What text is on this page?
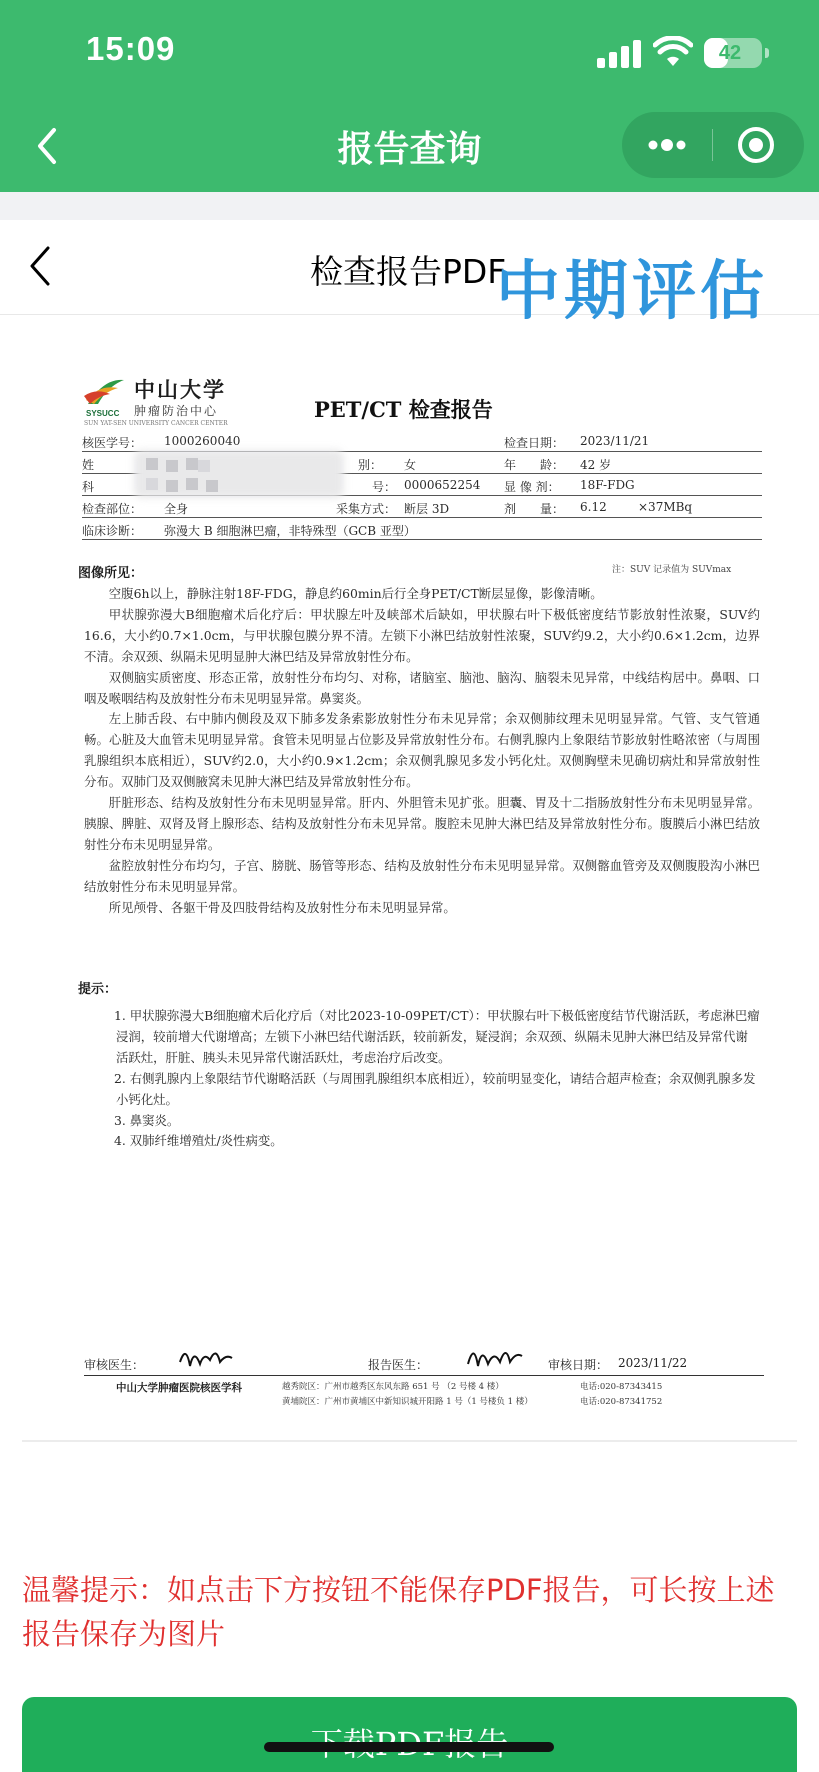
15:09	42
报告查询
检查报告PDF
中期评估
SYSUCC
中山大学
肿瘤防治中心
SUN YAT-SEN UNIVERSITY CANCER CENTER
PET/CT 检查报告
核医学号： 1000260040	检查日期： 2023/11/21
姓	别： 女	年　　龄： 42 岁
科	号： 0000652254 显 像 剂： 18F-FDG
检查部位： 全身	采集方式： 断层 3D	剂　　量： 6.12	×37MBq
临床诊断： 弥漫大 B 细胞淋巴瘤，非特殊型（GCB 亚型）
图像所见：	注：SUV 记录值为 SUVmax

空腹6h以上，静脉注射18F-FDG，静息约60min后行全身PET/CT断层显像，影像清晰。

甲状腺弥漫大B细胞瘤术后化疗后：甲状腺左叶及峡部术后缺如，甲状腺右叶下极低密度结节影放射性浓聚，SUV约16.6，大小约0.7×1.0cm，与甲状腺包膜分界不清。左锁下小淋巴结放射性浓聚，SUV约9.2，大小约0.6×1.2cm，边界不清。余双颈、纵隔未见明显肿大淋巴结及异常放射性分布。

双侧脑实质密度、形态正常，放射性分布均匀、对称，诸脑室、脑池、脑沟、脑裂未见异常，中线结构居中。鼻咽、口咽及喉咽结构及放射性分布未见明显异常。鼻窦炎。

左上肺舌段、右中肺内侧段及双下肺多发条索影放射性分布未见异常；余双侧肺纹理未见明显异常。气管、支气管通畅。心脏及大血管未见明显异常。食管未见明显占位影及异常放射性分布。右侧乳腺内上象限结节影放射性略浓密（与周围乳腺组织本底相近），SUV约2.0，大小约0.9×1.2cm；余双侧乳腺见多发小钙化灶。双侧胸壁未见确切病灶和异常放射性分布。双肺门及双侧腋窝未见肿大淋巴结及异常放射性分布。

肝脏形态、结构及放射性分布未见明显异常。肝内、外胆管未见扩张。胆囊、胃及十二指肠放射性分布未见明显异常。胰腺、脾脏、双肾及肾上腺形态、结构及放射性分布未见异常。腹腔未见肿大淋巴结及异常放射性分布。腹膜后小淋巴结放射性分布未见明显异常。

盆腔放射性分布均匀，子宫、膀胱、肠管等形态、结构及放射性分布未见明显异常。双侧髂血管旁及双侧腹股沟小淋巴结放射性分布未见明显异常。

所见颅骨、各躯干骨及四肢骨结构及放射性分布未见明显异常。

提示：

1. 甲状腺弥漫大B细胞瘤术后化疗后（对比2023-10-09PET/CT）：甲状腺右叶下极低密度结节代谢活跃，考虑淋巴瘤浸润，较前增大代谢增高；左锁下小淋巴结代谢活跃，较前新发，疑浸润；余双颈、纵隔未见肿大淋巴结及异常代谢活跃灶，肝脏、胰头未见异常代谢活跃灶，考虑治疗后改变。

2. 右侧乳腺内上象限结节代谢略活跃（与周围乳腺组织本底相近），较前明显变化，请结合超声检查；余双侧乳腺多发小钙化灶。

3. 鼻窦炎。

4. 双肺纤维增殖灶/炎性病变。

审核医生：	报告医生：	审核日期： 2023/11/22
中山大学肿瘤医院核医学科	越秀院区：广州市越秀区东风东路 651 号 （2 号楼 4 楼）
黄埔院区：广州市黄埔区中新知识城开阳路 1 号（1 号楼负 1 楼）
电话:020-87343415
电话:020-87341752
温馨提示：如点击下方按钮不能保存PDF报告，可长按上述报告保存为图片
